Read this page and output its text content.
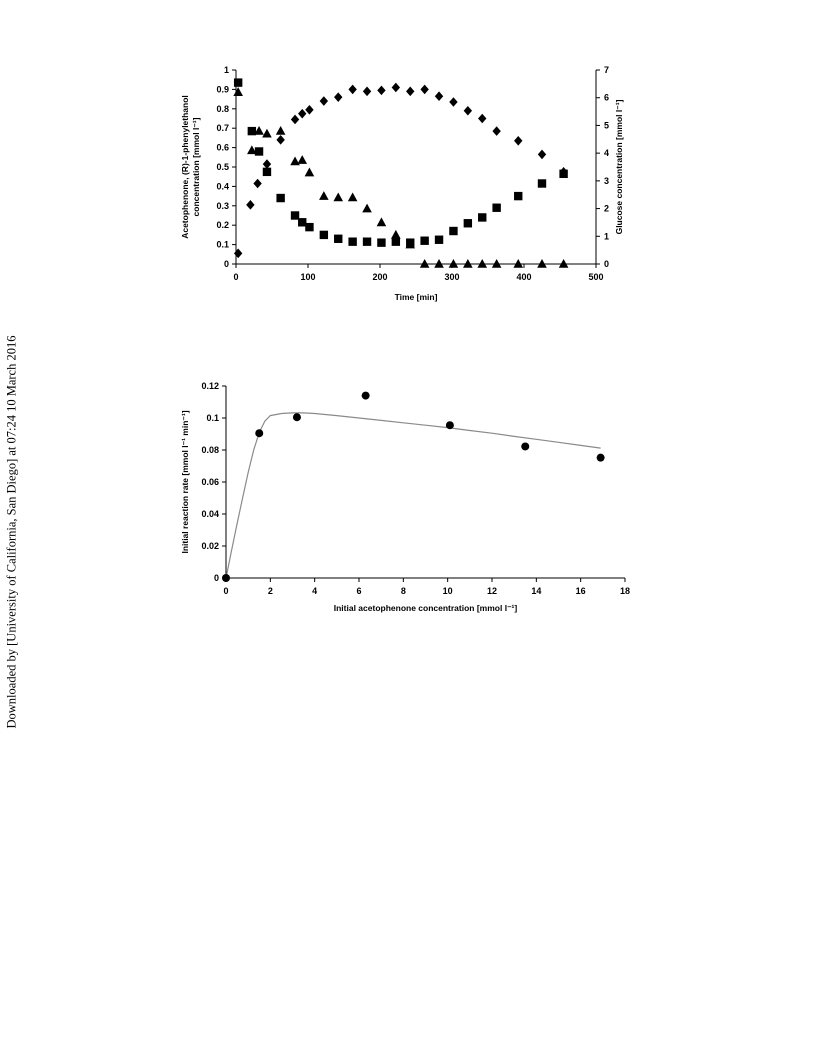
Downloaded by [University of California, San Diego] at 07:24 10 March 2016
0	100	200	300	400	500
0
0.1
0.2
0.3
0.4
0.5
0.6
0.7
0.8
0.9
1
0
1
2
3
4
5
6
7
Time [min]
Acetophenone, (R)-1-phenylethanol concentration [mmol l⁻¹]	Glucose concentration [mmol l⁻¹]
0	2	4	6	8	10	12	14	16	18
0
0.02
0.04
0.06
0.08
0.1
0.12
Initial acetophenone concentration [mmol l⁻¹]
Initial reaction rate [mmol l⁻¹ min⁻¹]
